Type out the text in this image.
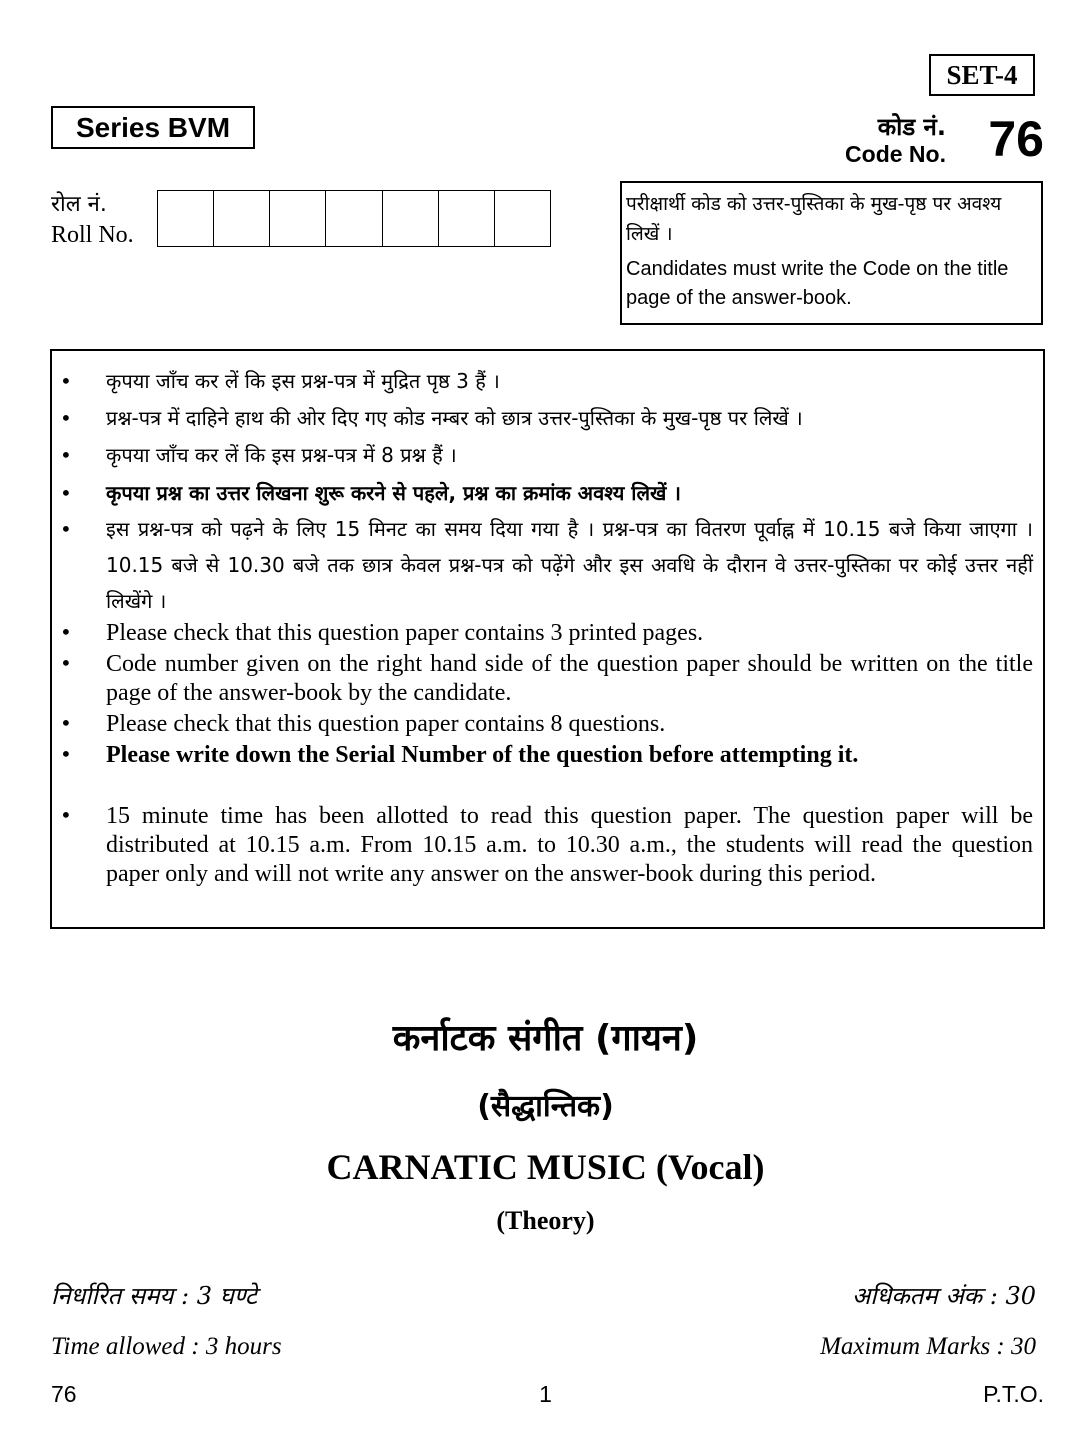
SET-4
Series BVM	कोड नं.
Code No. 76
रोल नं.
Roll No.
परीक्षार्थी कोड को उत्तर-पुस्तिका के मुख-पृष्ठ पर अवश्य लिखें ।
Candidates must write the Code on the title page of the answer-book.
• कृपया जाँच कर लें कि इस प्रश्न-पत्र में मुद्रित पृष्ठ 3 हैं ।
• प्रश्न-पत्र में दाहिने हाथ की ओर दिए गए कोड नम्बर को छात्र उत्तर-पुस्तिका के मुख-पृष्ठ पर लिखें ।
• कृपया जाँच कर लें कि इस प्रश्न-पत्र में 8 प्रश्न हैं ।
• कृपया प्रश्न का उत्तर लिखना शुरू करने से पहले, प्रश्न का क्रमांक अवश्य लिखें ।
• इस प्रश्न-पत्र को पढ़ने के लिए 15 मिनट का समय दिया गया है । प्रश्न-पत्र का वितरण पूर्वाह्न में 10.15 बजे किया जाएगा । 10.15 बजे से 10.30 बजे तक छात्र केवल प्रश्न-पत्र को पढ़ेंगे और इस अवधि के दौरान वे उत्तर-पुस्तिका पर कोई उत्तर नहीं लिखेंगे ।
• Please check that this question paper contains 3 printed pages.
• Code number given on the right hand side of the question paper should be written on the title page of the answer-book by the candidate.
• Please check that this question paper contains 8 questions.
• Please write down the Serial Number of the question before attempting it.
• 15 minute time has been allotted to read this question paper. The question paper will be distributed at 10.15 a.m. From 10.15 a.m. to 10.30 a.m., the students will read the question paper only and will not write any answer on the answer-book during this period.
कर्नाटक संगीत (गायन)
(सैद्धान्तिक)
CARNATIC MUSIC (Vocal)
(Theory)
निर्धारित समय : 3 घण्टे	अधिकतम अंक : 30
Time allowed : 3 hours	Maximum Marks : 30
76	1	P.T.O.
